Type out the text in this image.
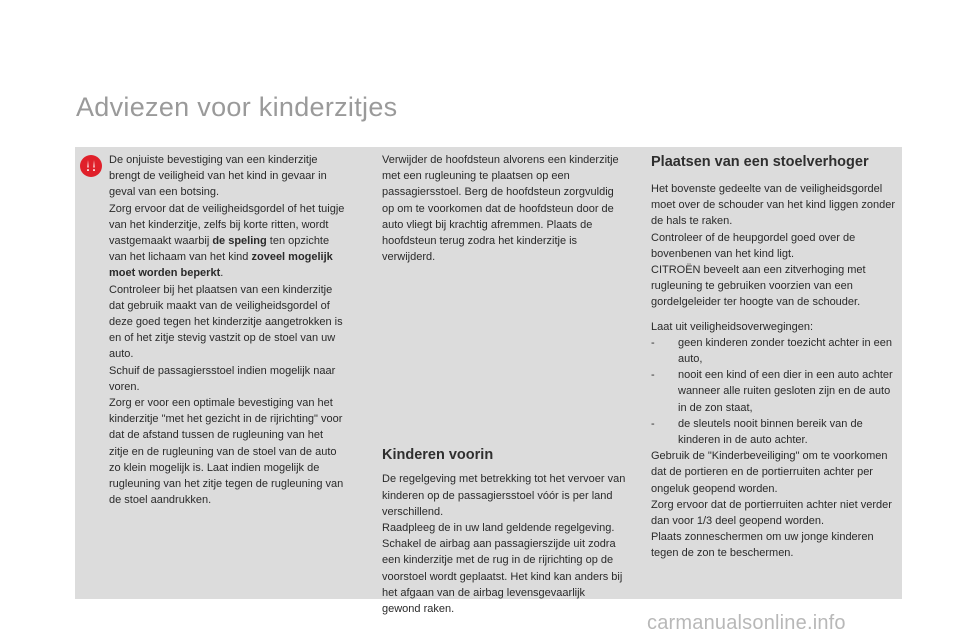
Adviezen voor kinderzitjes

De onjuiste bevestiging van een kinderzitje brengt de veiligheid van het kind in gevaar in geval van een botsing.

Zorg ervoor dat de veiligheidsgordel of het tuigje van het kinderzitje, zelfs bij korte ritten, wordt vastgemaakt waarbij de speling ten opzichte van het lichaam van het kind zoveel mogelijk moet worden beperkt.

Controleer bij het plaatsen van een kinderzitje dat gebruik maakt van de veiligheidsgordel of deze goed tegen het kinderzitje aangetrokken is en of het zitje stevig vastzit op de stoel van uw auto.

Schuif de passagiersstoel indien mogelijk naar voren.

Zorg er voor een optimale bevestiging van het kinderzitje "met het gezicht in de rijrichting" voor dat de afstand tussen de rugleuning van het zitje en de rugleuning van de stoel van de auto zo klein mogelijk is. Laat indien mogelijk de rugleuning van het zitje tegen de rugleuning van de stoel aandrukken.

Verwijder de hoofdsteun alvorens een kinderzitje met een rugleuning te plaatsen op een passagiersstoel. Berg de hoofdsteun zorgvuldig op om te voorkomen dat de hoofdsteun door de auto vliegt bij krachtig afremmen. Plaats de hoofdsteun terug zodra het kinderzitje is verwijderd.

Kinderen voorin

De regelgeving met betrekking tot het vervoer van kinderen op de passagiersstoel vóór is per land verschillend.

Raadpleeg de in uw land geldende regelgeving.

Schakel de airbag aan passagierszijde uit zodra een kinderzitje met de rug in de rijrichting op de voorstoel wordt geplaatst. Het kind kan anders bij het afgaan van de airbag levensgevaarlijk gewond raken.

Plaatsen van een stoelverhoger

Het bovenste gedeelte van de veiligheidsgordel moet over de schouder van het kind liggen zonder de hals te raken.

Controleer of de heupgordel goed over de bovenbenen van het kind ligt.

CITROËN beveelt aan een zitverhoging met rugleuning te gebruiken voorzien van een gordelgeleider ter hoogte van de schouder.

Laat uit veiligheidsoverwegingen:

- geen kinderen zonder toezicht achter in een auto,
- nooit een kind of een dier in een auto achter wanneer alle ruiten gesloten zijn en de auto in de zon staat,
- de sleutels nooit binnen bereik van de kinderen in de auto achter.

Gebruik de "Kinderbeveiliging" om te voorkomen dat de portieren en de portierruiten achter per ongeluk geopend worden.

Zorg ervoor dat de portierruiten achter niet verder dan voor 1/3 deel geopend worden.

Plaats zonneschermen om uw jonge kinderen tegen de zon te beschermen.

carmanualsonline.info
